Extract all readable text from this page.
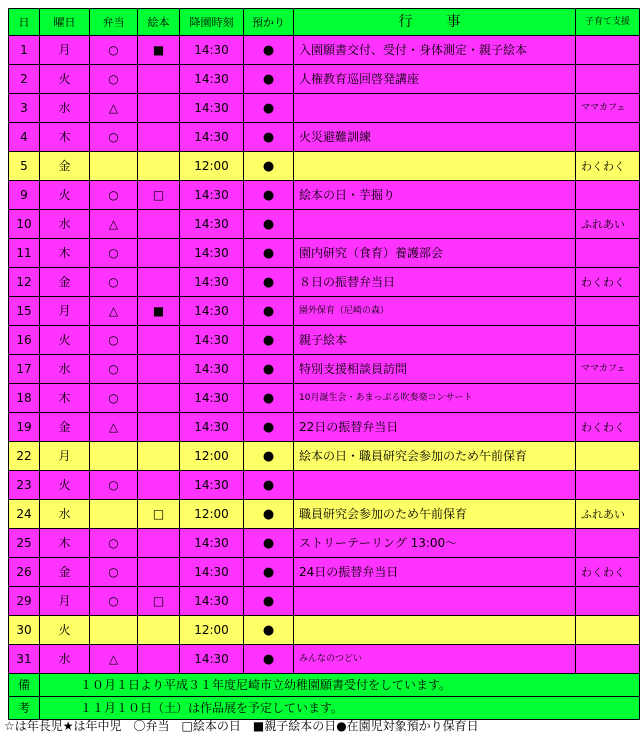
日	曜日	弁当	絵本	降園時刻	預かり	行　事	子育て支援
1	月	○	■	14:30	●	入園願書交付、受付・身体測定・親子絵本	
2	火	○		14:30	●	人権教育巡回啓発講座	
3	水	△		14:30	●		ママカフェ
4	木	○		14:30	●	火災避難訓練	
5	金			12:00	●		わくわく
9	火	○	□	14:30	●	絵本の日・芋掘り	
10	水	△		14:30	●		ふれあい
11	木	○		14:30	●	園内研究（食育）養護部会	
12	金	○		14:30	●	８日の振替弁当日	わくわく
15	月	△	■	14:30	●	園外保育（尼崎の森）	
16	火	○		14:30	●	親子絵本	
17	水	○		14:30	●	特別支援相談員訪問	ママカフェ
18	木	○		14:30	●	10月誕生会・あまっぷる吹奏楽コンサート	
19	金	△		14:30	●	22日の振替弁当日	わくわく
22	月			12:00	●	絵本の日・職員研究会参加のため午前保育	
23	火	○		14:30	●		
24	水		□	12:00	●	職員研究会参加のため午前保育	ふれあい
25	木	○		14:30	●	ストリーテーリング 13:00～	
26	金	○		14:30	●	24日の振替弁当日	わくわく
29	月	○	□	14:30	●		
30	火			12:00	●		
31	水	△		14:30	●	みんなのつどい	
備	１０月１日より平成３１年度尼崎市立幼稚園願書受付をしています。						
考	１１月１０日（土）は作品展を予定しています。						
☆は年長児★は年中児　〇弁当　□絵本の日　■親子絵本の日●在園児対象預かり保育日
